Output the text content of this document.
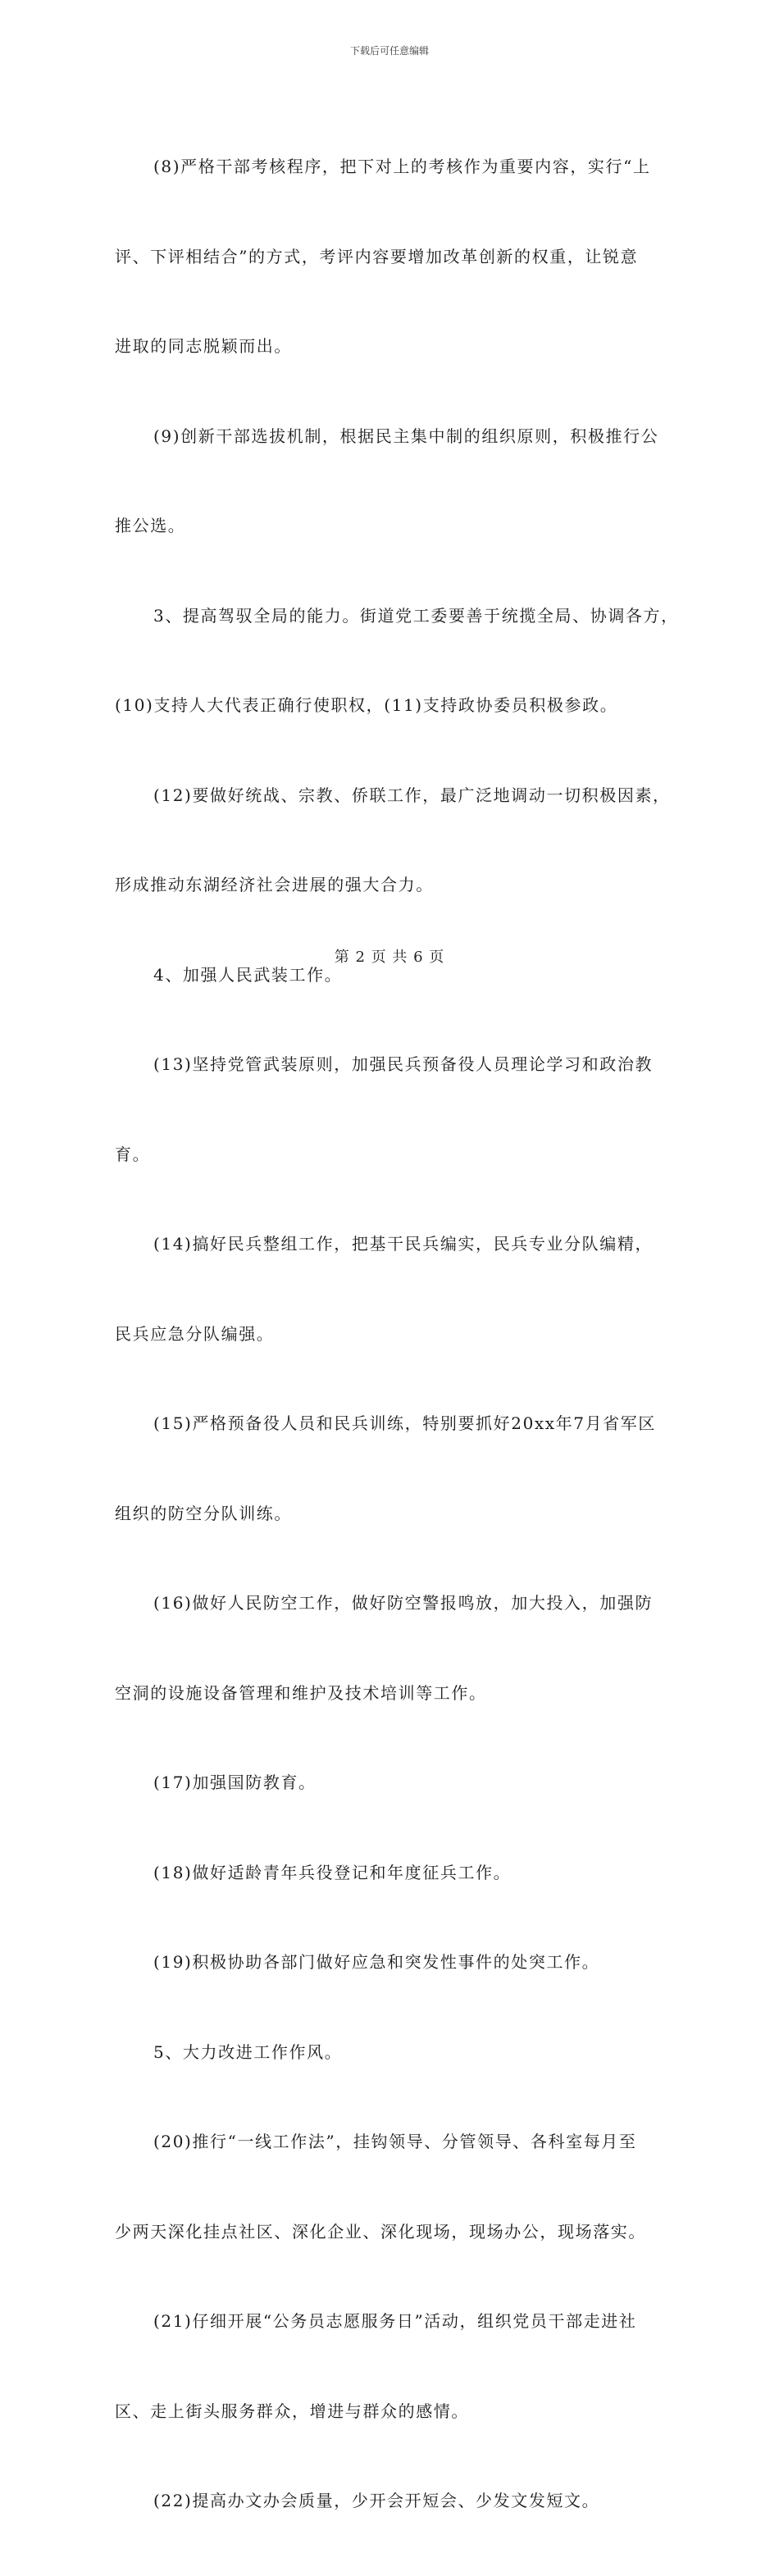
下载后可任意编辑

(8)严格干部考核程序，把下对上的考核作为重要内容，实行“上

评、下评相结合”的方式，考评内容要增加改革创新的权重，让锐意

进取的同志脱颖而出。

(9)创新干部选拔机制，根据民主集中制的组织原则，积极推行公

推公选。

3、提高驾驭全局的能力。街道党工委要善于统揽全局、协调各方，

(10)支持人大代表正确行使职权，(11)支持政协委员积极参政。

(12)要做好统战、宗教、侨联工作，最广泛地调动一切积极因素，

形成推动东湖经济社会进展的强大合力。

4、加强人民武装工作。

(13)坚持党管武装原则，加强民兵预备役人员理论学习和政治教

育。

(14)搞好民兵整组工作，把基干民兵编实，民兵专业分队编精，

民兵应急分队编强。

(15)严格预备役人员和民兵训练，特别要抓好20xx年7月省军区

组织的防空分队训练。

(16)做好人民防空工作，做好防空警报鸣放，加大投入，加强防

空洞的设施设备管理和维护及技术培训等工作。

(17)加强国防教育。

(18)做好适龄青年兵役登记和年度征兵工作。

(19)积极协助各部门做好应急和突发性事件的处突工作。

5、大力改进工作作风。

(20)推行“一线工作法”，挂钩领导、分管领导、各科室每月至

少两天深化挂点社区、深化企业、深化现场，现场办公，现场落实。

(21)仔细开展“公务员志愿服务日”活动，组织党员干部走进社

区、走上街头服务群众，增进与群众的感情。

(22)提高办文办会质量，少开会开短会、少发文发短文。

第 2 页 共 6 页
